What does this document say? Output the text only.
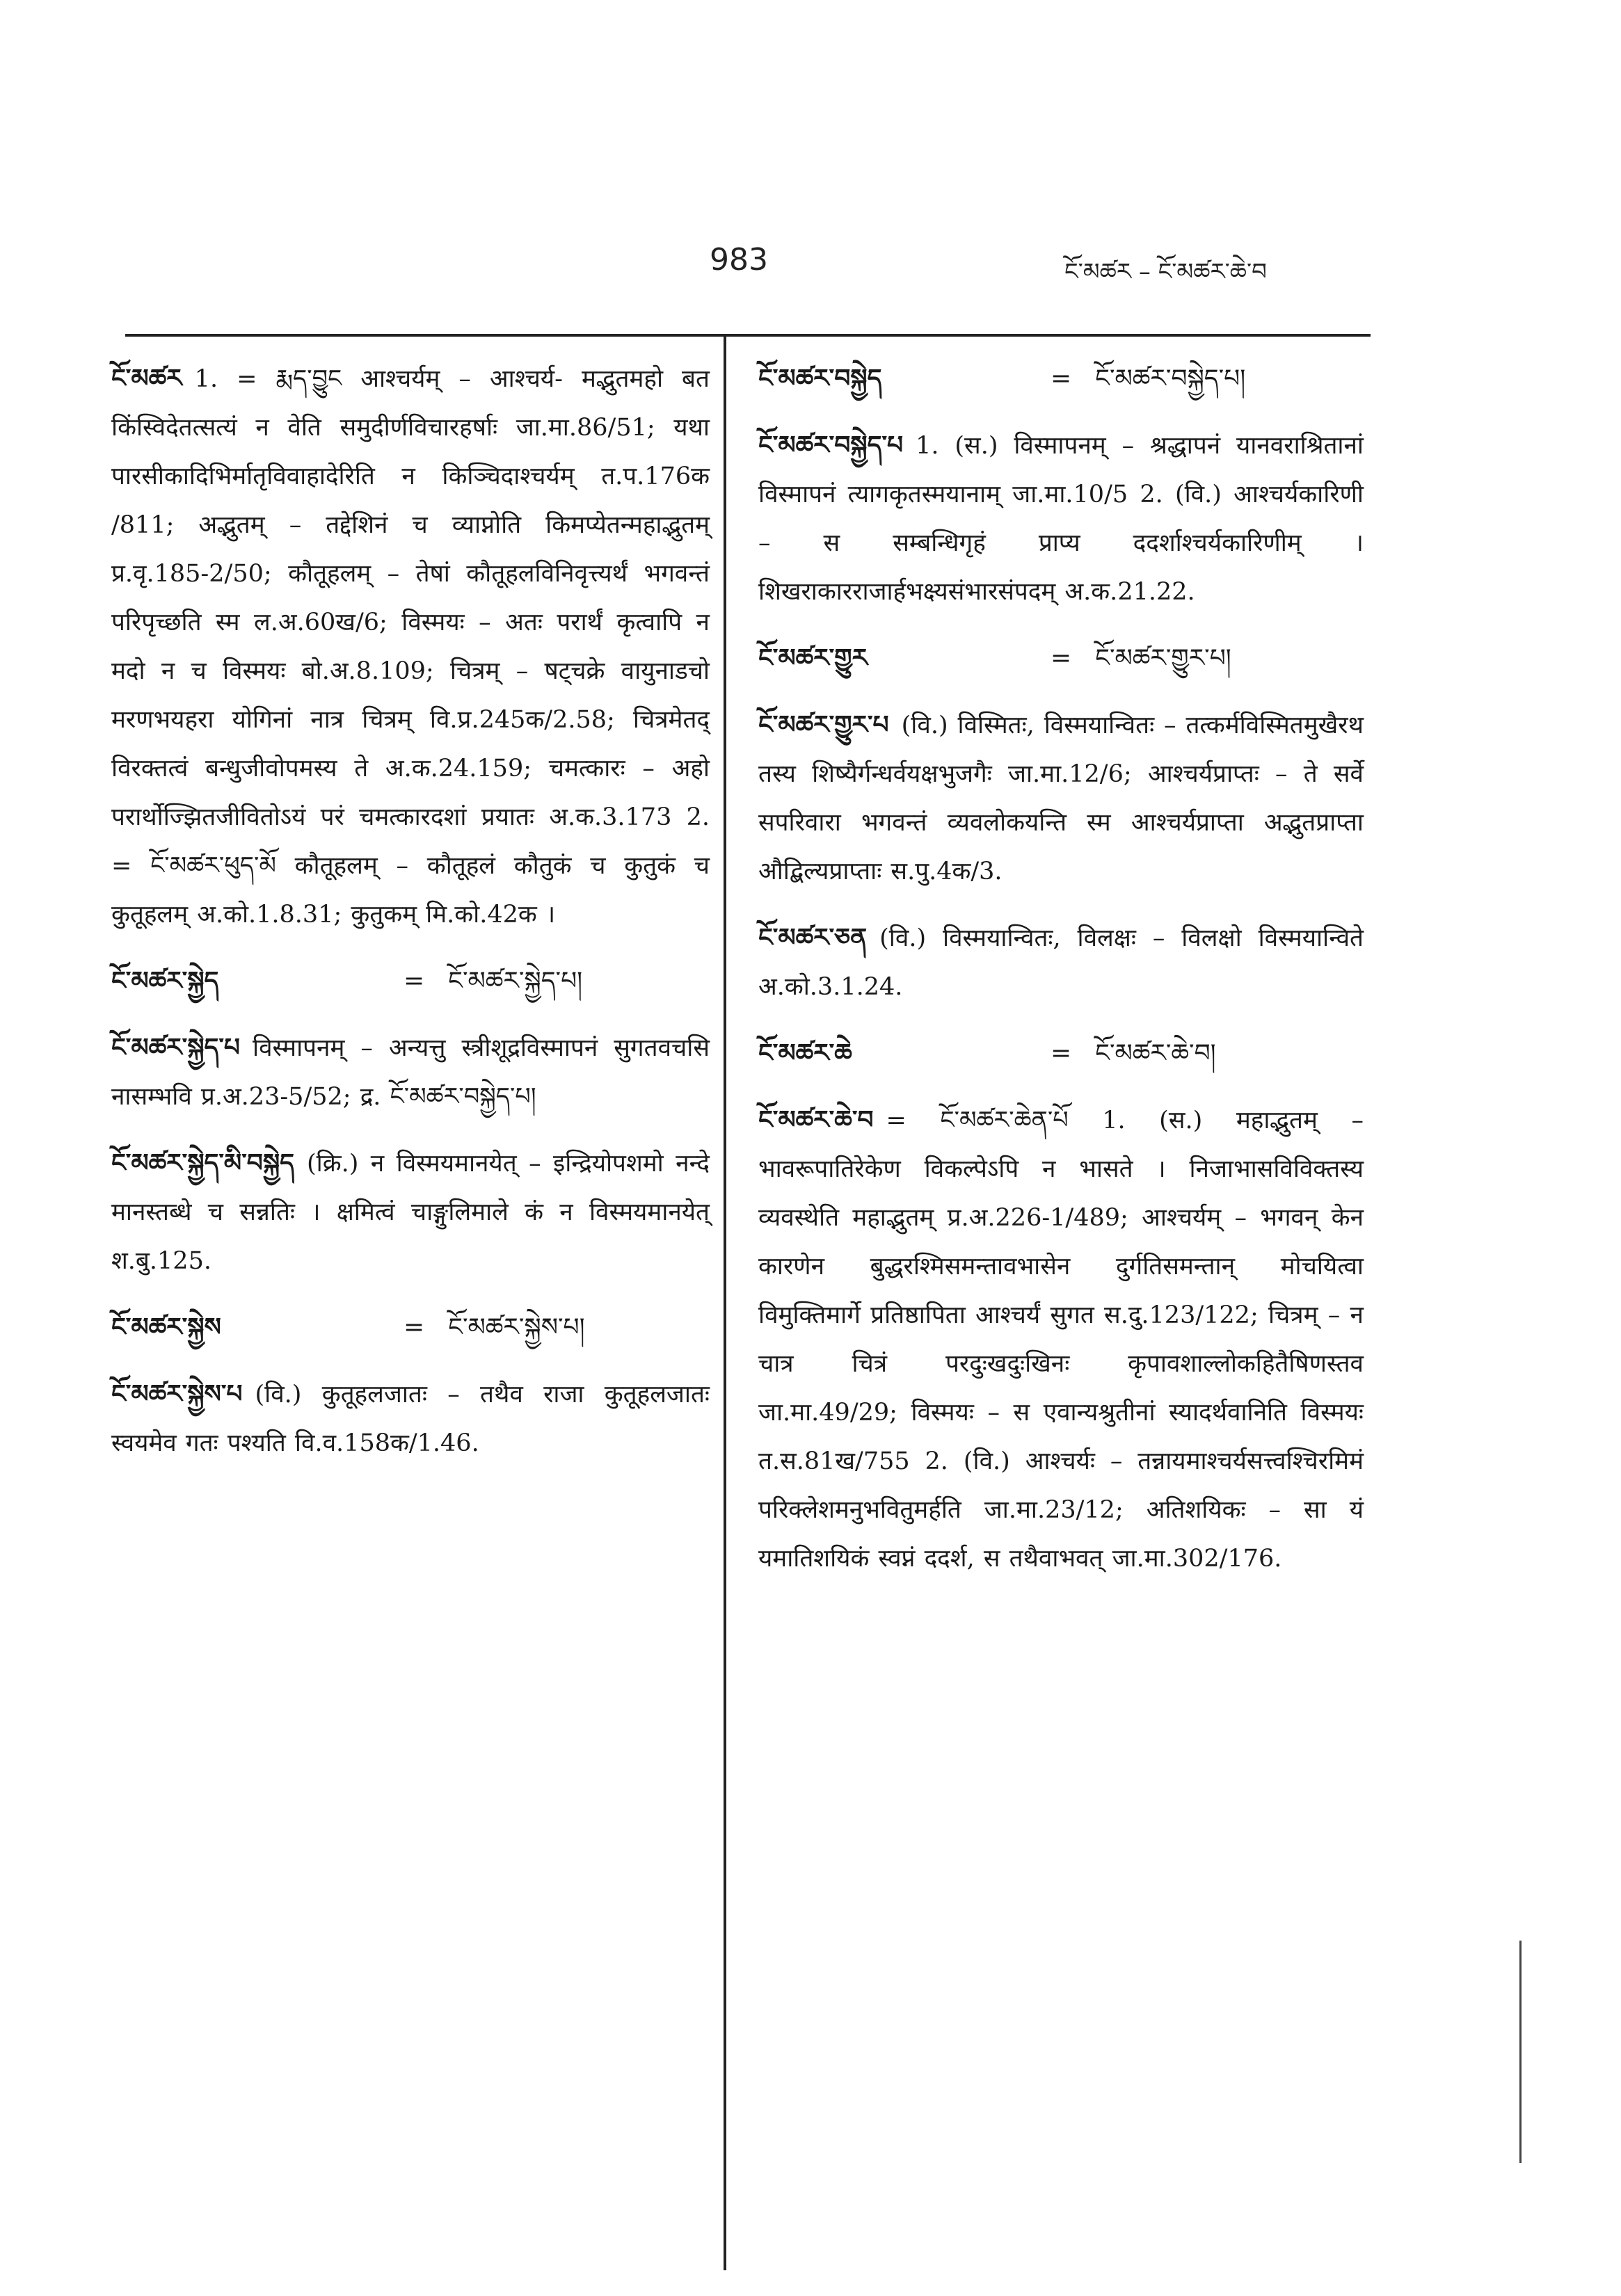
983	ངོ་མཚར – ངོ་མཚར་ཆེ་བ
ངོ་མཚར 1. = རྨད་བྱུང आश्चर्यम् – आश्चर्य- मद्भुतमहो बत किंस्विदेतत्सत्यं न वेति समुदीर्णविचारहर्षाः जा.मा.86/51; यथा पारसीकादिभिर्मातृविवाहादेरिति न किञ्चिदाश्चर्यम् त.प.176क /811; अद्भुतम् – तद्देशिनं च व्याप्नोति किमप्येतन्महाद्भुतम् प्र.वृ.185-2/50; कौतूहलम् – तेषां कौतूहलविनिवृत्त्यर्थं भगवन्तं परिपृच्छति स्म ल.अ.60ख/6; विस्मयः – अतः परार्थं कृत्वापि न मदो न च विस्मयः बो.अ.8.109; चित्रम् – षट्चक्रे वायुनाडचो मरणभयहरा योगिनां नात्र चित्रम् वि.प्र.245क/2.58; चित्रमेतद् विरक्तत्वं बन्धुजीवोपमस्य ते अ.क.24.159; चमत्कारः – अहो परार्थोज्झितजीवितोऽयं परं चमत्कारदशां प्रयातः अ.क.3.173 2. = ངོ་མཚར་ཕུད་མོ कौतूहलम् – कौतूहलं कौतुकं च कुतुकं च कुतूहलम् अ.को.1.8.31; कुतुकम् मि.को.42क ।
ངོ་མཚར་སྐྱེད	= ངོ་མཚར་སྐྱེད་པ།
ངོ་མཚར་སྐྱེད་པ विस्मापनम् – अन्यत्तु स्त्रीशूद्रविस्मापनं सुगतवचसि नासम्भवि प्र.अ.23-5/52; द्र. ངོ་མཚར་བསྐྱེད་པ།
ངོ་མཚར་སྐྱེད་མི་བསྐྱེད (क्रि.) न विस्मयमानयेत् – इन्द्रियोपशमो नन्दे मानस्तब्धे च सन्नतिः । क्षमित्वं चाङ्गुलिमाले कं न विस्मयमानयेत् श.बु.125.
ངོ་མཚར་སྐྱེས	= ངོ་མཚར་སྐྱེས་པ།
ངོ་མཚར་སྐྱེས་པ (वि.) कुतूहलजातः – तथैव राजा कुतूहलजातः स्वयमेव गतः पश्यति वि.व.158क/1.46.
ངོ་མཚར་བསྐྱེད	= ངོ་མཚར་བསྐྱེད་པ།
ངོ་མཚར་བསྐྱེད་པ 1. (स.) विस्मापनम् – श्रद्धापनं यानवराश्रितानां विस्मापनं त्यागकृतस्मयानाम् जा.मा.10/5 2. (वि.) आश्चर्यकारिणी – स सम्बन्धिगृहं प्राप्य ददर्शाश्चर्यकारिणीम् । शिखराकारराजार्हभक्ष्यसंभारसंपदम् अ.क.21.22.
ངོ་མཚར་གྱུར	= ངོ་མཚར་གྱུར་པ།
ངོ་མཚར་གྱུར་པ (वि.) विस्मितः, विस्मयान्वितः – तत्कर्मविस्मितमुखैरथ तस्य शिष्यैर्गन्धर्वयक्षभुजगैः जा.मा.12/6; आश्चर्यप्राप्तः – ते सर्वे सपरिवारा भगवन्तं व्यवलोकयन्ति स्म आश्चर्यप्राप्ता अद्भुतप्राप्ता औद्बिल्यप्राप्ताः स.पु.4क/3.
ངོ་མཚར་ཅན (वि.) विस्मयान्वितः, विलक्षः – विलक्षो विस्मयान्विते अ.को.3.1.24.
ངོ་མཚར་ཆེ	= ངོ་མཚར་ཆེ་བ།
ངོ་མཚར་ཆེ་བ = ངོ་མཚར་ཆེན་པོ 1. (स.) महाद्भुतम् – भावरूपातिरेकेण विकल्पेऽपि न भासते । निजाभासविविक्तस्य व्यवस्थेति महाद्भुतम् प्र.अ.226-1/489; आश्चर्यम् – भगवन् केन कारणेन बुद्धरश्मिसमन्तावभासेन दुर्गतिसमन्तान् मोचयित्वा विमुक्तिमार्गे प्रतिष्ठापिता आश्चर्यं सुगत स.दु.123/122; चित्रम् – न चात्र चित्रं परदुःखदुःखिनः कृपावशाल्लोकहितैषिणस्तव जा.मा.49/29; विस्मयः – स एवान्यश्रुतीनां स्यादर्थवानिति विस्मयः त.स.81ख/755 2. (वि.) आश्चर्यः – तन्नायमाश्चर्यसत्त्वश्चिरमिमं परिक्लेशमनुभवितुमर्हति जा.मा.23/12; अतिशयिकः – सा यं यमातिशयिकं स्वप्नं ददर्श, स तथैवाभवत् जा.मा.302/176.
